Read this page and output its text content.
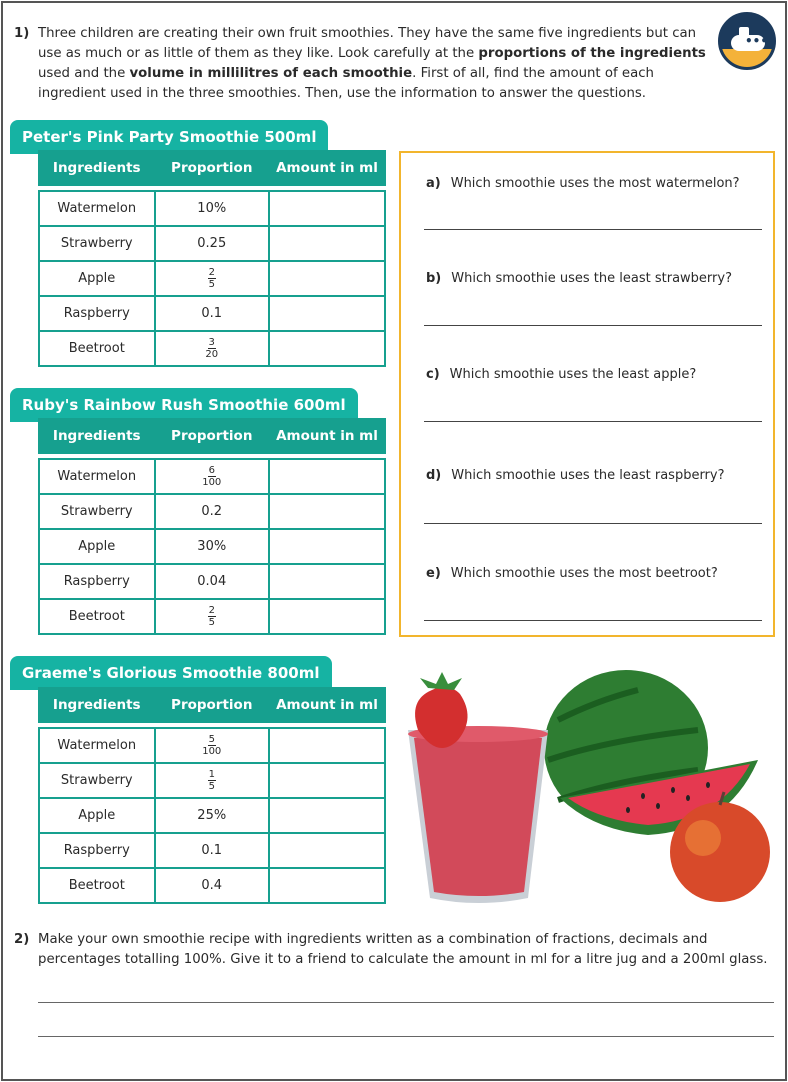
1) Three children are creating their own fruit smoothies. They have the same five ingredients but can use as much or as little of them as they like. Look carefully at the proportions of the ingredients used and the volume in millilitres of each smoothie. First of all, find the amount of each ingredient used in the three smoothies. Then, use the information to answer the questions.
•••
Peter's Pink Party Smoothie 500ml
Ingredients	Proportion	Amount in ml

Watermelon	10%	
Strawberry	0.25	
Apple	$\frac{2}{5}$

Raspberry	0.1	
Beetroot	$\frac{3}{20}$

Ruby's Rainbow Rush Smoothie 600ml
Ingredients	Proportion	Amount in ml

Watermelon	$\frac{6}{100}$

Strawberry	0.2	
Apple	30%	
Raspberry	0.04	
Beetroot	$\frac{2}{5}$

Graeme's Glorious Smoothie 800ml
Ingredients	Proportion	Amount in ml

Watermelon	$\frac{5}{100}$

Strawberry	$\frac{1}{5}$

Apple	25%	
Raspberry	0.1	
Beetroot	0.4	
a) Which smoothie uses the most watermelon?
b) Which smoothie uses the least strawberry?
c) Which smoothie uses the least apple?
d) Which smoothie uses the least raspberry?
e) Which smoothie uses the most beetroot?
2) Make your own smoothie recipe with ingredients written as a combination of fractions, decimals and percentages totalling 100%. Give it to a friend to calculate the amount in ml for a litre jug and a 200ml glass.
